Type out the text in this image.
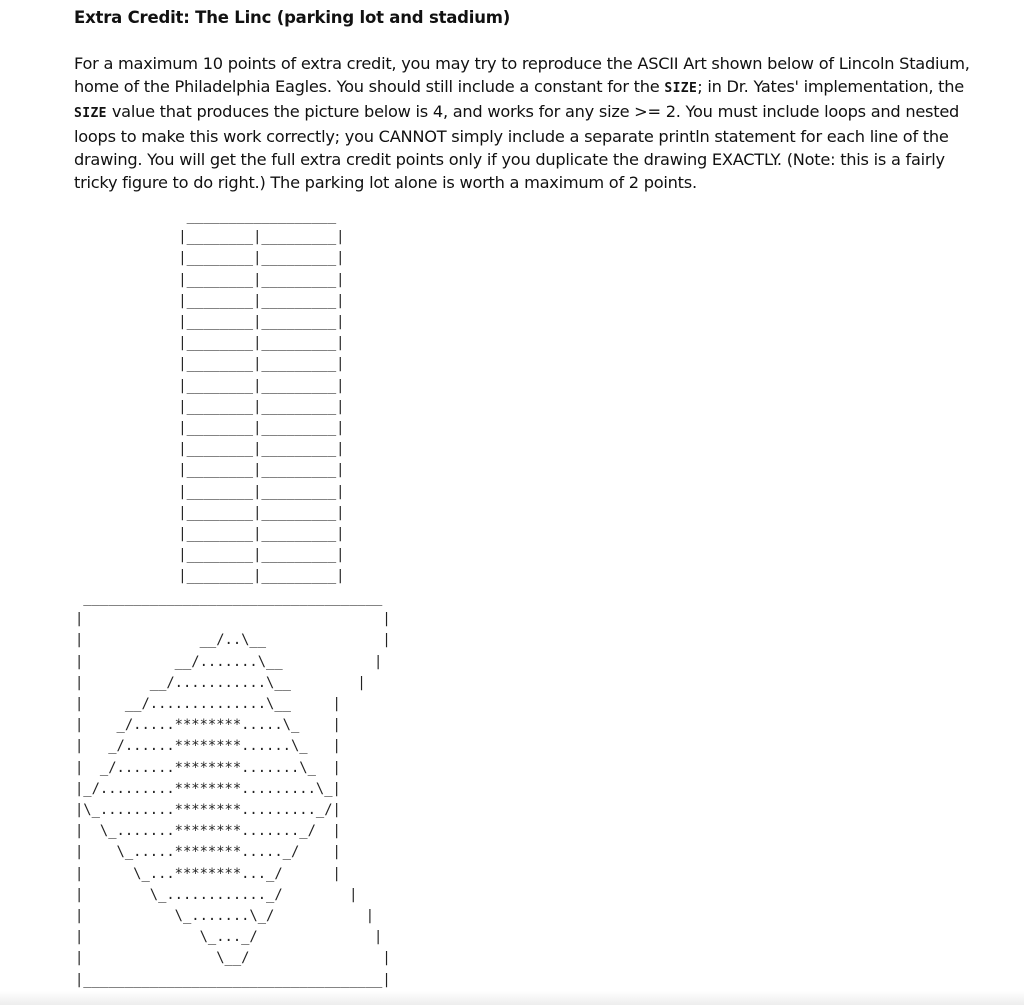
Extra Credit: The Linc (parking lot and stadium)

For a maximum 10 points of extra credit, you may try to reproduce the ASCII Art shown below of Lincoln Stadium,
home of the Philadelphia Eagles. You should still include a constant for the SIZE; in Dr. Yates' implementation, the
SIZE value that produces the picture below is 4, and works for any size >= 2. You must include loops and nested
loops to make this work correctly; you CANNOT simply include a separate println statement for each line of the
drawing. You will get the full extra credit points only if you duplicate the drawing EXACTLY. (Note: this is a fairly
tricky figure to do right.) The parking lot alone is worth a maximum of 2 points.

__________________
|________|_________|
|________|_________|
|________|_________|
|________|_________|
|________|_________|
|________|_________|
|________|_________|
|________|_________|
|________|_________|
|________|_________|
|________|_________|
|________|_________|
|________|_________|
|________|_________|
|________|_________|
|________|_________|
|________|_________|
____________________________________
|                                    |
|              __/..\__              |
|           __/.......\__           |
|        __/...........\__        |
|     __/..............\__     |
|    _/.....********.....\_    |
|   _/......********......\_   |
|  _/.......********.......\_  |
|_/.........********.........\_|
|\_.........********........._/|
|  \_.......********......._/  |
|    \_.....********....._/    |
|      \_...********..._/      |
|        \_............_/        |
|           \_.......\_/           |
|              \_..._/              |
|                \__/                |
|____________________________________|
